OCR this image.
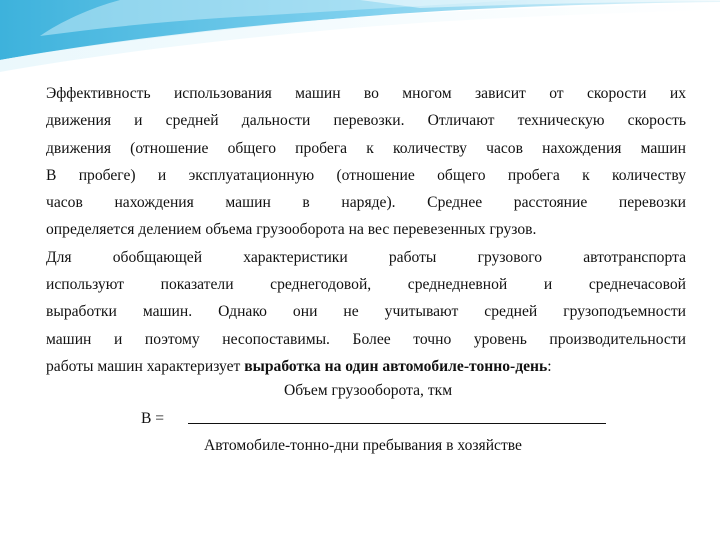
Эффективность использования машин во многом зависит от скорости их
движения и средней дальности перевозки. Отличают техническую скорость
движения (отношение общего пробега к количеству часов нахождения машин
В пробеге) и эксплуатационную (отношение общего пробега к количеству
часов нахождения машин в наряде). Среднее расстояние перевозки
определяется делением объема грузооборота на вес перевезенных грузов.

Для обобщающей характеристики работы грузового автотранспорта
используют показатели среднегодовой, среднедневной и среднечасовой
выработки машин. Однако они не учитывают средней грузоподъемности
машин и поэтому несопоставимы. Более точно уровень производительности
работы машин характеризует выработка на один автомобиле-тонно-день:

Объем грузооборота, ткм
В =
Автомобиле-тонно-дни пребывания в хозяйстве
